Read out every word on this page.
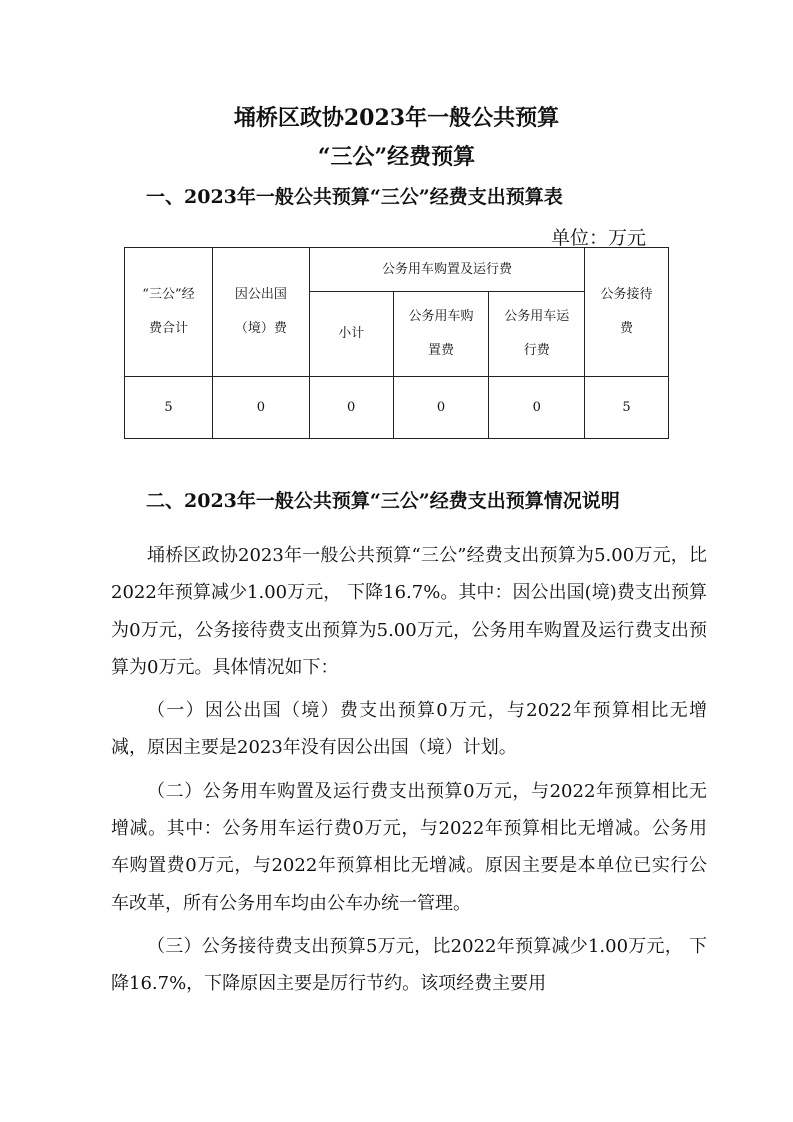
埇桥区政协2023年一般公共预算
“三公”经费预算
一、2023年一般公共预算“三公”经费支出预算表
单位：万元
“三公”经费合计	因公出国（境）费	公务用车购置及运行费			公务接待费
		小计	公务用车购置费	公务用车运行费	
5	0	0	0	0	5
二、2023年一般公共预算“三公”经费支出预算情况说明

埇桥区政协2023年一般公共预算“三公”经费支出预算为5.00万元，比2022年预算减少1.00万元， 下降16.7%。其中：因公出国(境)费支出预算为0万元，公务接待费支出预算为5.00万元，公务用车购置及运行费支出预算为0万元。具体情况如下：

（一）因公出国（境）费支出预算0万元，与2022年预算相比无增减，原因主要是2023年没有因公出国（境）计划。

（二）公务用车购置及运行费支出预算0万元，与2022年预算相比无增减。其中：公务用车运行费0万元，与2022年预算相比无增减。公务用车购置费0万元，与2022年预算相比无增减。原因主要是本单位已实行公车改革，所有公务用车均由公车办统一管理。

（三）公务接待费支出预算5万元，比2022年预算减少1.00万元， 下降16.7%，下降原因主要是厉行节约。该项经费主要用
